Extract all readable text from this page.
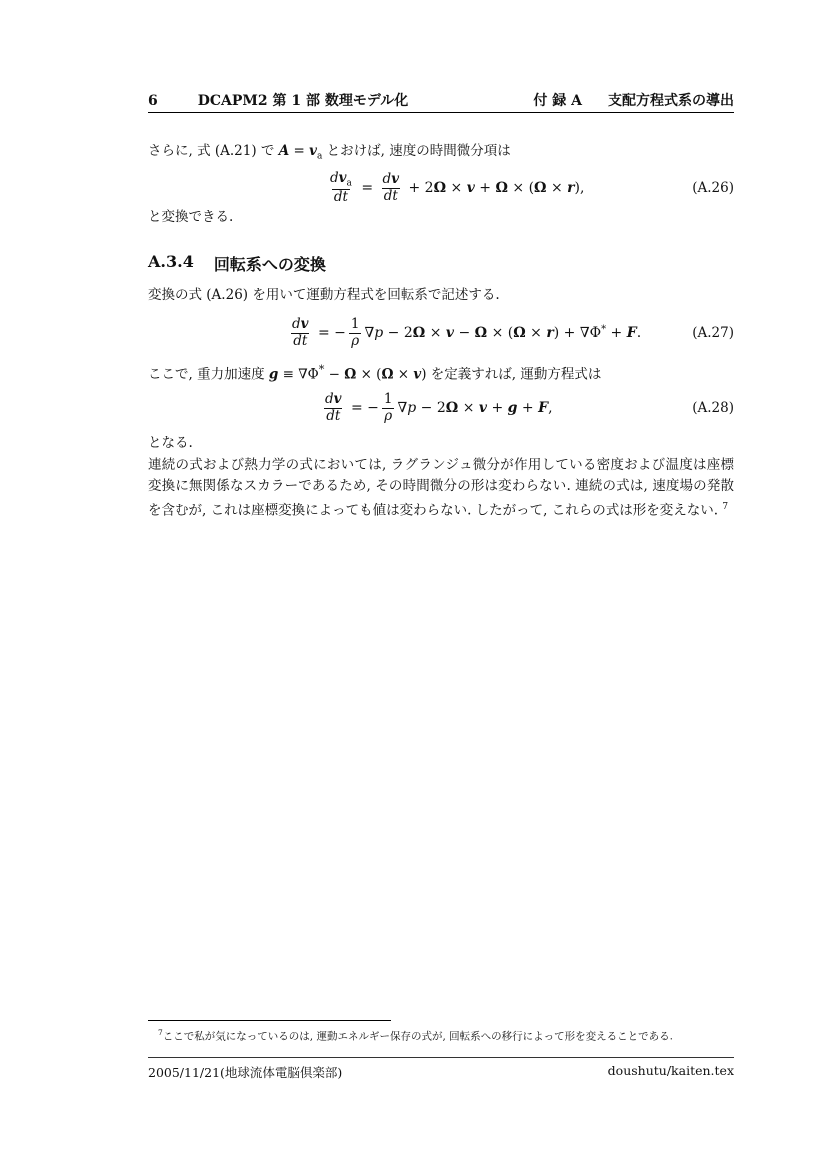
6	DCAPM2 第 1 部 数理モデル化	付 録 A 支配方程式系の導出

さらに, 式 (A.21) で $A = v_a$ とおけば, 速度の時間微分項は

$\frac{dv_a}{dt} = \frac{dv}{dt} + 2$ Ω × v + Ω × ( Ω × r ),	(A.26)

と変換できる.

A.3.4 回転系への変換

変換の式 (A.26) を用いて運動方程式を回転系で記述する.

$\frac{dv}{dt}$ = − $\frac{1}{\rho}$ ∇ p − 2 Ω × v − Ω × ( Ω × r ) + ∇Φ * + F .	(A.27)

ここで, 重力加速度 g ≡ ∇Φ* − Ω × (Ω × v) を定義すれば, 運動方程式は

$\frac{dv}{dt}$ = − $\frac{1}{\rho}$ ∇ p − 2 Ω × v + g + F ,	(A.28)

となる.

連続の式および熱力学の式においては, ラグランジュ微分が作用している密度および温度は座標変換に無関係なスカラーであるため, その時間微分の形は変わらない. 連続の式は, 速度場の発散を含むが, これは座標変換によっても値は変わらない. したがって, これらの式は形を変えない. $^7$

$^7$ここで私が気になっているのは, 運動エネルギー保存の式が, 回転系への移行によって形を変えることである.

2005/11/21(地球流体電脳倶楽部)	doushutu/kaiten.tex
